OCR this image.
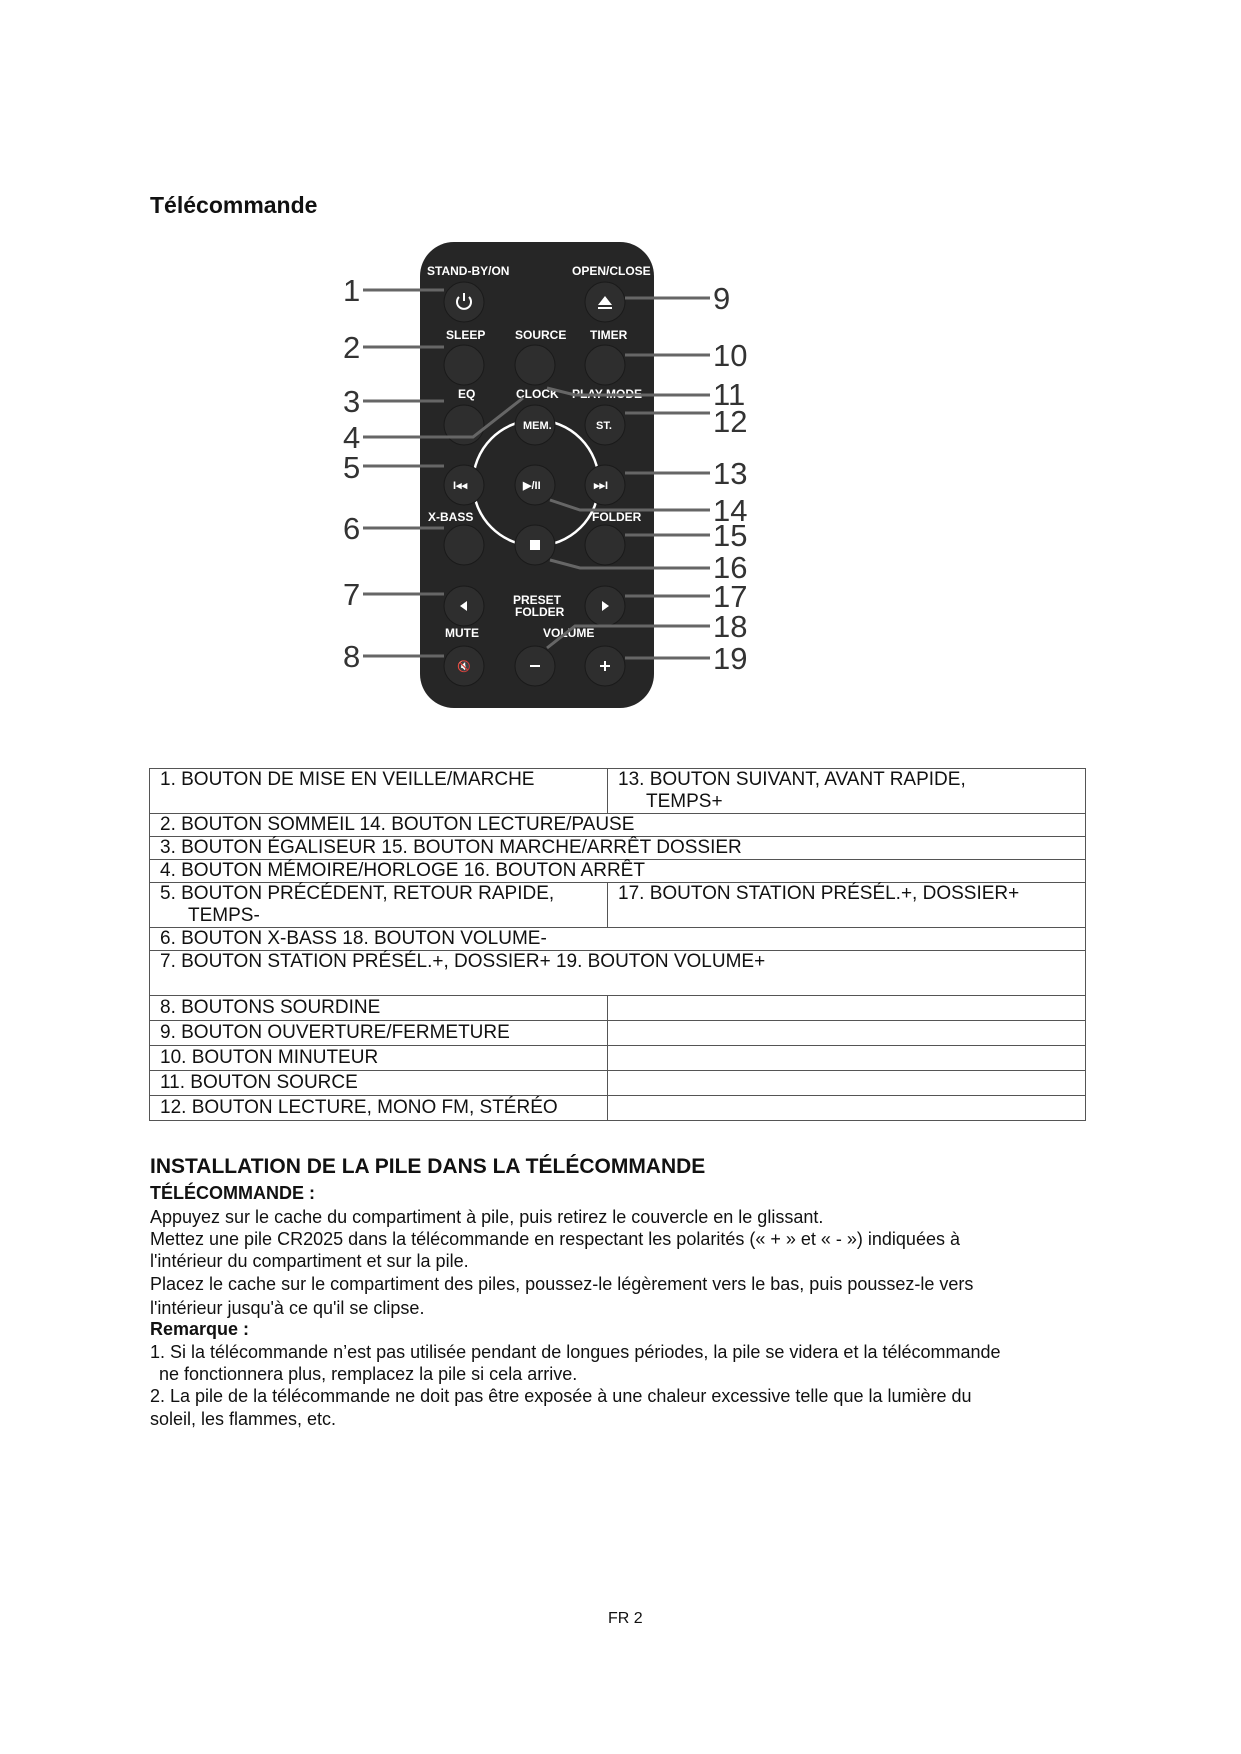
Télécommande
STAND-BY/ON	OPEN/CLOSE
SLEEP SOURCE TIMER
EQ	CLOCK PLAY MODE
X-BASS	FOLDER
PRESET
FOLDER
MUTE	VOLUME
MEM.	ST.
I◂◂	▶/II	▸▸I
🔇
1
2
3
4
5
6
7
8
9
10
11
12
13
14
15
16
17
18
19
1. BOUTON DE MISE EN VEILLE/MARCHE	13. BOUTON SUIVANT, AVANT RAPIDE,
TEMPS+

2. BOUTON SOMMEIL 14. BOUTON LECTURE/PAUSE	

3. BOUTON ÉGALISEUR 15. BOUTON MARCHE/ARRÊT DOSSIER	

4. BOUTON MÉMOIRE/HORLOGE 16. BOUTON ARRÊT	

5. BOUTON PRÉCÉDENT, RETOUR RAPIDE,
TEMPS-	17. BOUTON STATION PRÉSÉL.+, DOSSIER+

6. BOUTON X-BASS 18. BOUTON VOLUME-	

7. BOUTON STATION PRÉSÉL.+, DOSSIER+ 19. BOUTON VOLUME+	

8. BOUTONS SOURDINE	

9. BOUTON OUVERTURE/FERMETURE	

10. BOUTON MINUTEUR	

11. BOUTON SOURCE	

12. BOUTON LECTURE, MONO FM, STÉRÉO	

INSTALLATION DE LA PILE DANS LA TÉLÉCOMMANDE
TÉLÉCOMMANDE :
Appuyez sur le cache du compartiment à pile, puis retirez le couvercle en le glissant.
Mettez une pile CR2025 dans la télécommande en respectant les polarités (« + » et « - ») indiquées à
l'intérieur du compartiment et sur la pile.
Placez le cache sur le compartiment des piles, poussez-le légèrement vers le bas, puis poussez-le vers
l'intérieur jusqu'à ce qu'il se clipse.
Remarque :
1. Si la télécommande n’est pas utilisée pendant de longues périodes, la pile se videra et la télécommande
ne fonctionnera plus, remplacez la pile si cela arrive.
2. La pile de la télécommande ne doit pas être exposée à une chaleur excessive telle que la lumière du
soleil, les flammes, etc.
FR 2
